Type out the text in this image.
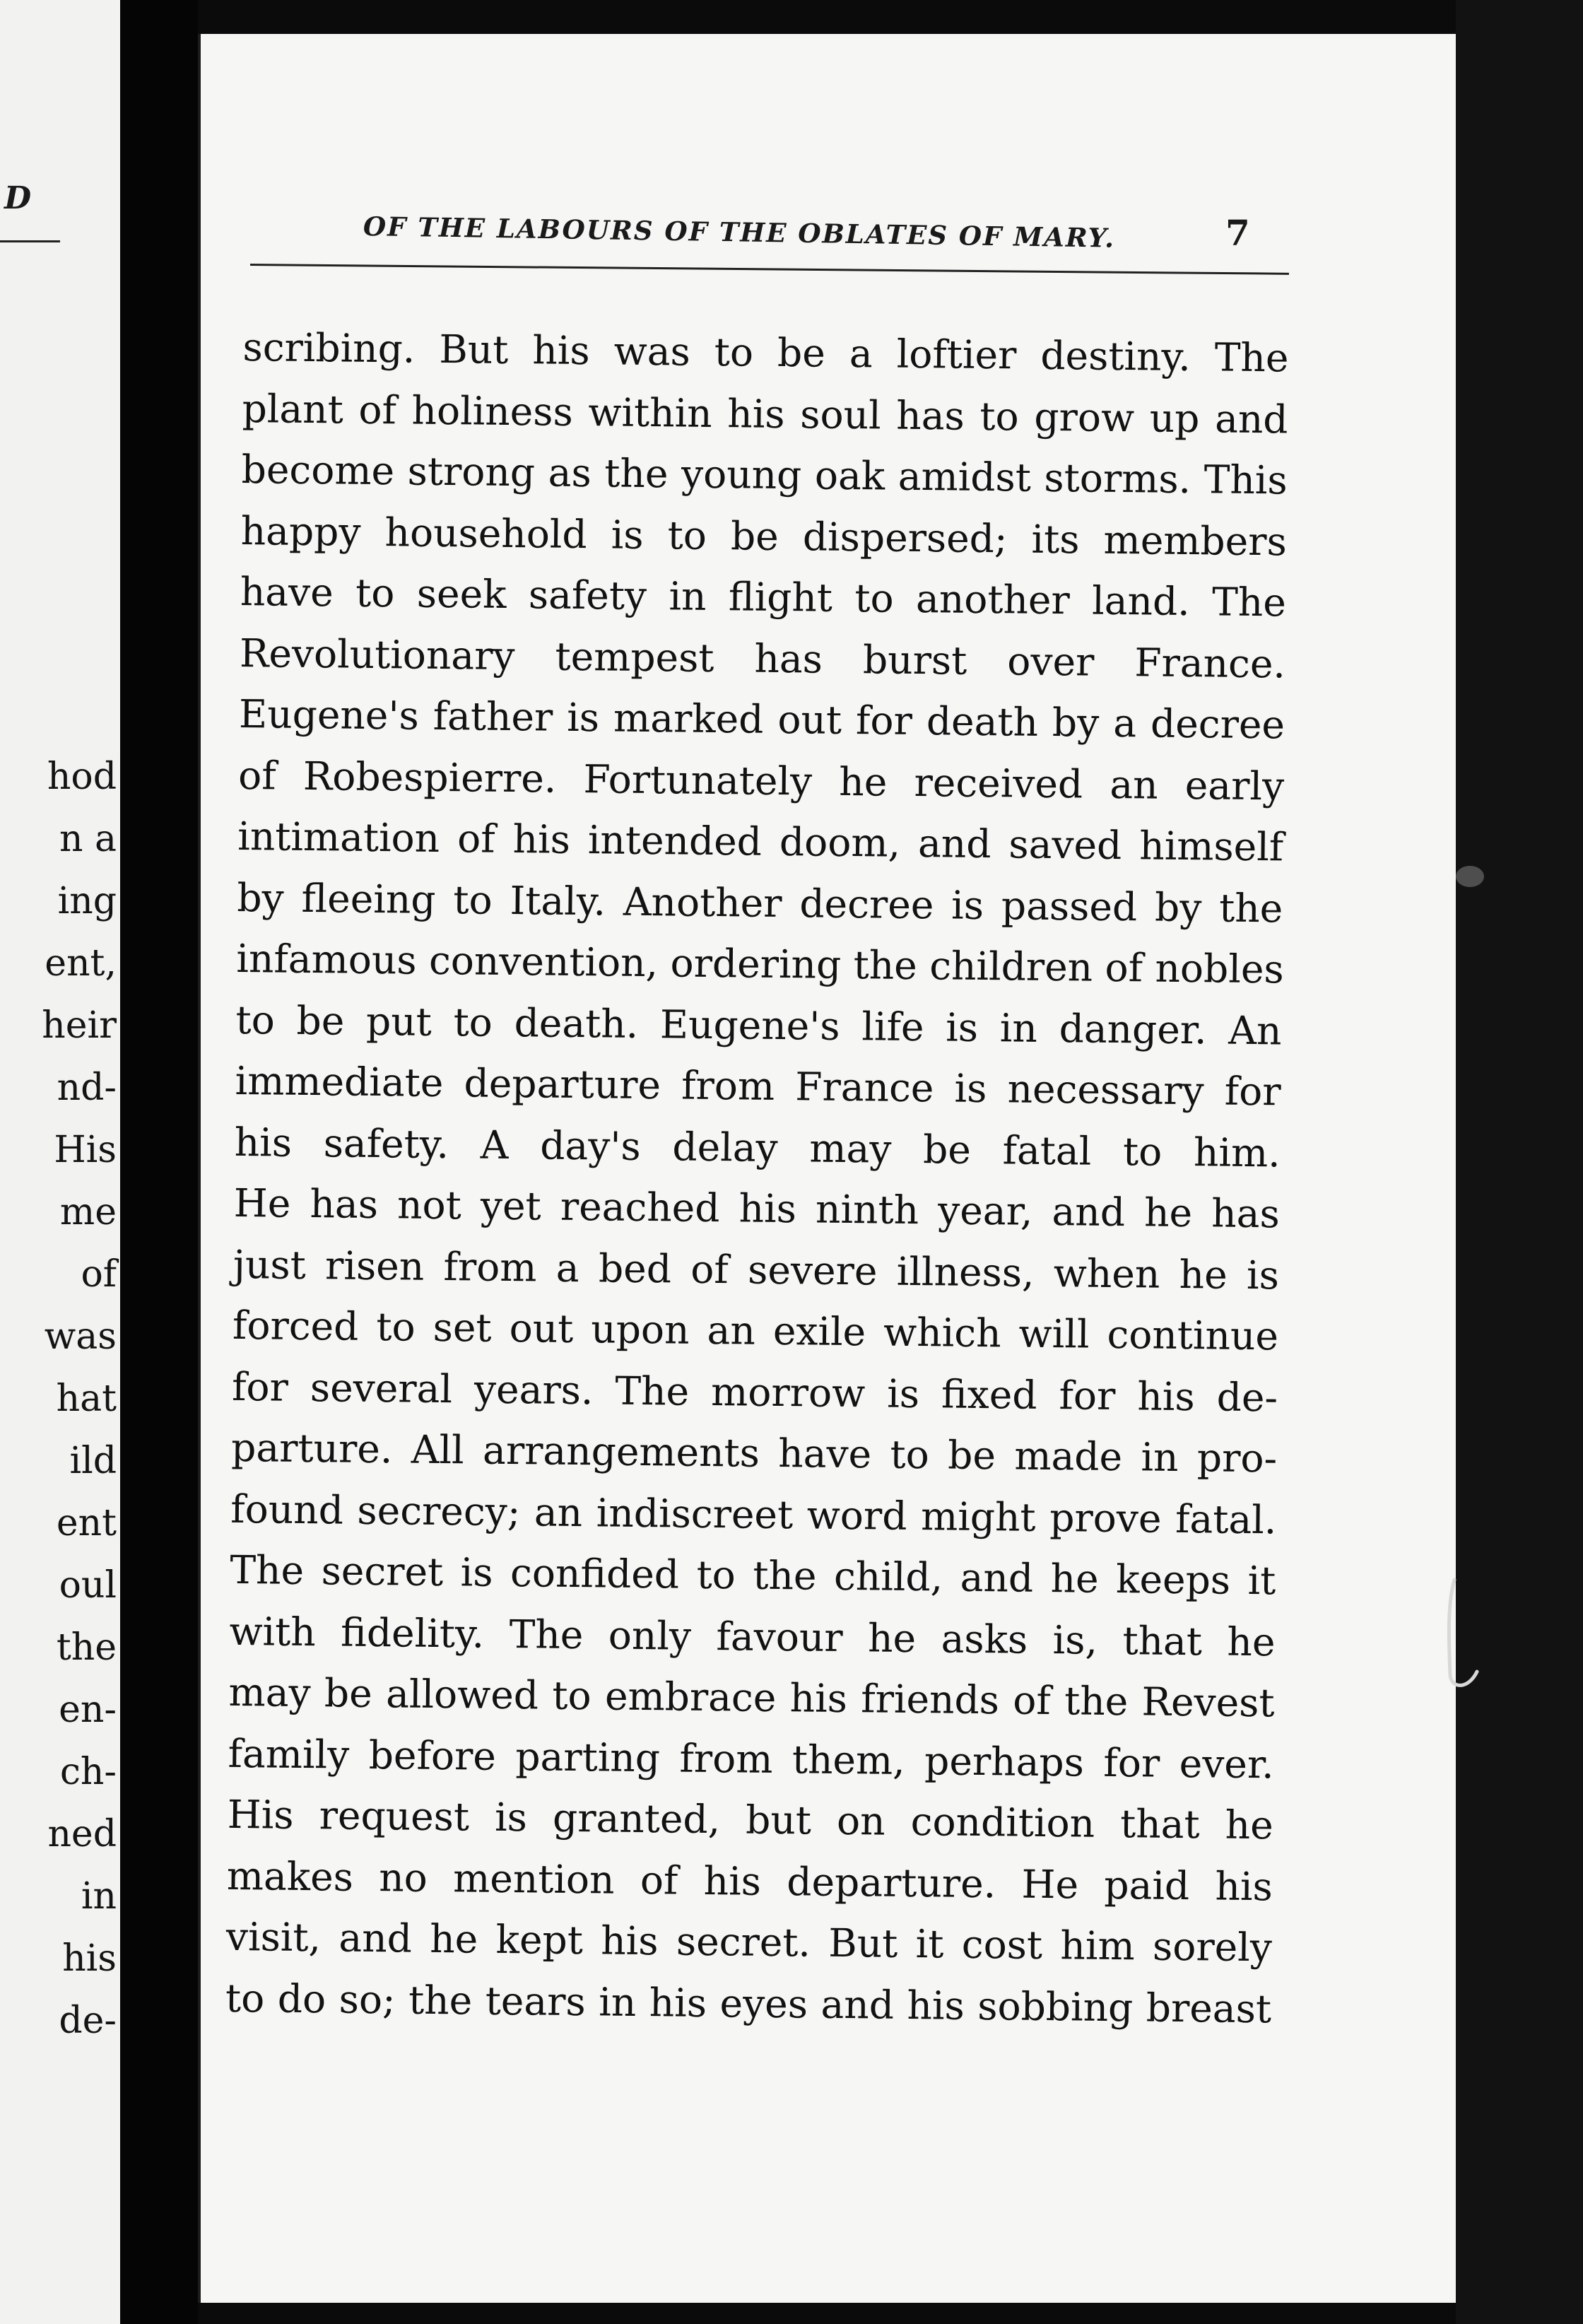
D
hod
n a
ing
ent,
heir
nd-
His
me
of
was
hat
ild
ent
oul
the
en-
ch-
ned
in
his
de-
OF THE LABOURS OF THE OBLATES OF MARY.	7
scribing. But his was to be a loftier destiny. The
plant of holiness within his soul has to grow up and
become strong as the young oak amidst storms. This
happy household is to be dispersed; its members
have to seek safety in flight to another land. The
Revolutionary tempest has burst over France.
Eugene's father is marked out for death by a decree
of Robespierre. Fortunately he received an early
intimation of his intended doom, and saved himself
by fleeing to Italy. Another decree is passed by the
infamous convention, ordering the children of nobles
to be put to death. Eugene's life is in danger. An
immediate departure from France is necessary for
his safety. A day's delay may be fatal to him.
He has not yet reached his ninth year, and he has
just risen from a bed of severe illness, when he is
forced to set out upon an exile which will continue
for several years. The morrow is fixed for his de-
parture. All arrangements have to be made in pro-
found secrecy; an indiscreet word might prove fatal.
The secret is confided to the child, and he keeps it
with fidelity. The only favour he asks is, that he
may be allowed to embrace his friends of the Revest
family before parting from them, perhaps for ever.
His request is granted, but on condition that he
makes no mention of his departure. He paid his
visit, and he kept his secret. But it cost him sorely
to do so; the tears in his eyes and his sobbing breast
